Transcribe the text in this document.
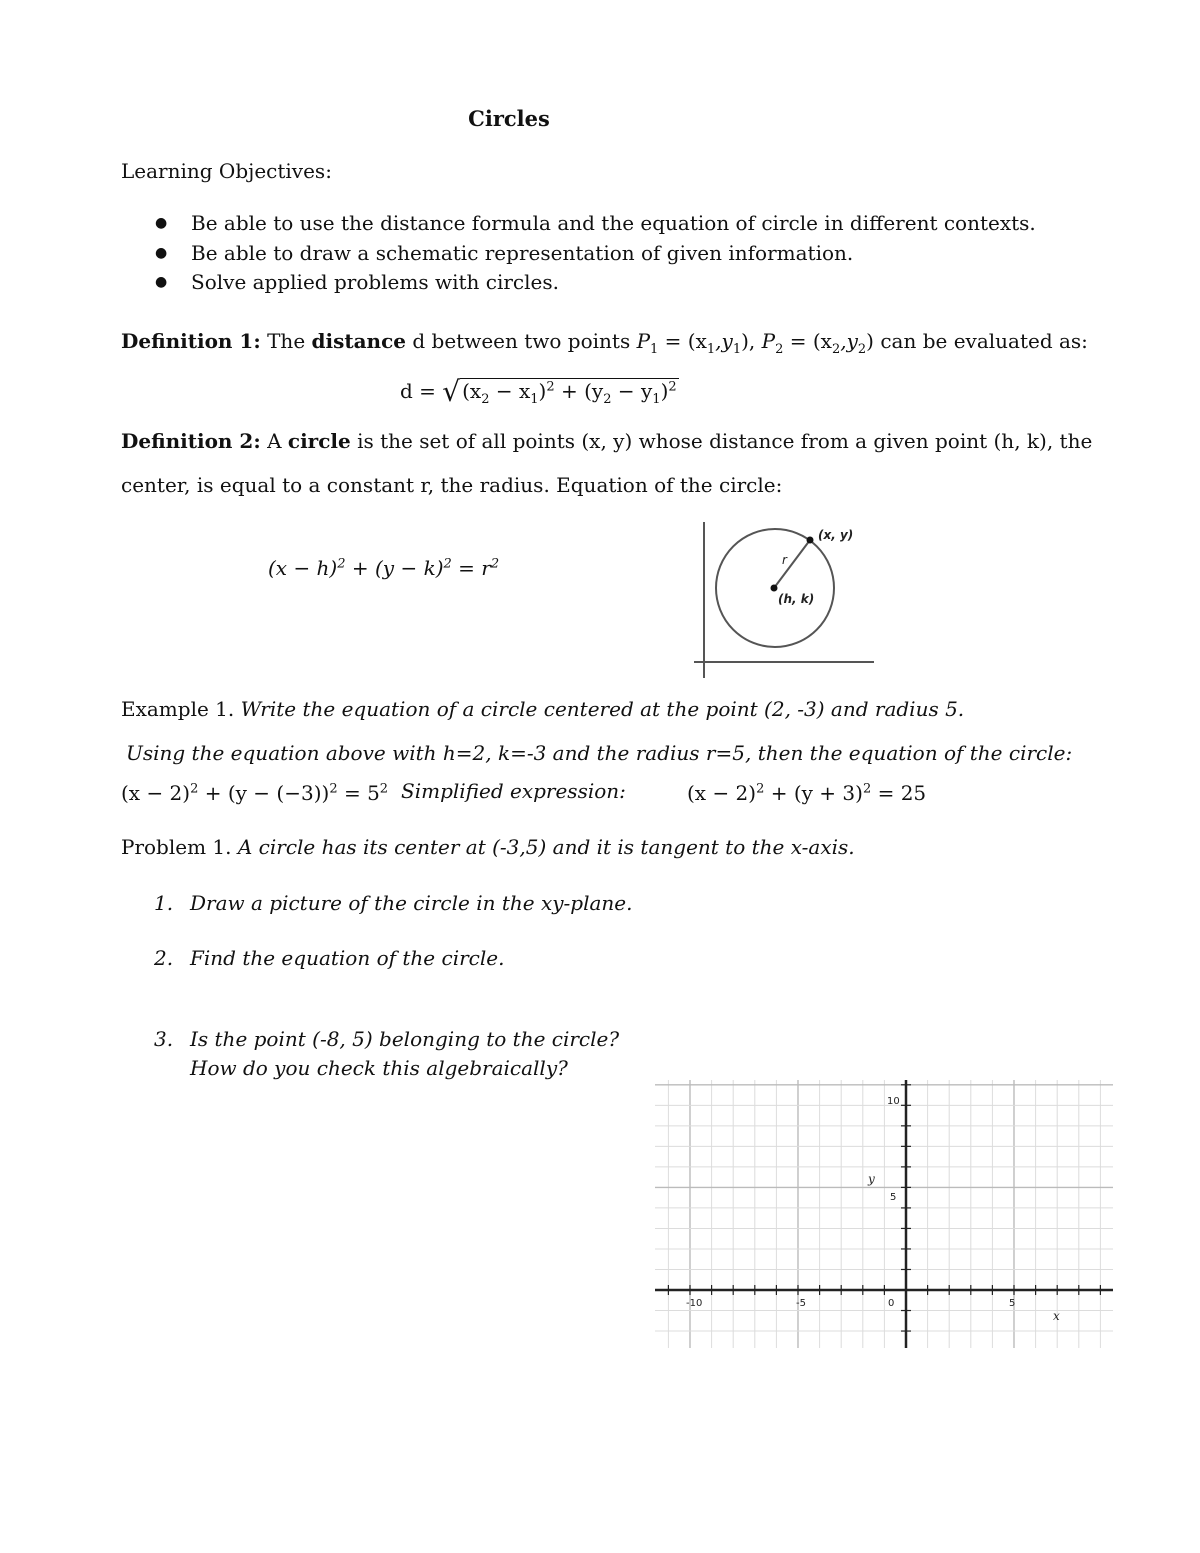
Circles
Learning Objectives:
● Be able to use the distance formula and the equation of circle in different contexts.
● Be able to draw a schematic representation of given information.
● Solve applied problems with circles.
Definition 1: The distance d between two points $P_1 = (x_1,y_1)$, $P_2 = (x_2,y_2)$ can be evaluated as:
d = √ $(x_2 - x_1)^2 + (y_2 - y_1)^2$
Definition 2: A circle is the set of all points (x, y) whose distance from a given point (h, k), the
center, is equal to a constant r, the radius. Equation of the circle:
$(x - h)^2 + (y - k)^2 = r^2$
(x, y)
(h, k)
r
Example 1. Write the equation of a circle centered at the point (2, -3) and radius 5.
Using the equation above with h=2, k=-3 and the radius r=5, then the equation of the circle:
$(x - 2)^2 + (y - (-3))^2 = 5^2$ Simplified expression:	$(x - 2)^2 + (y + 3)^2 = 25$
Problem 1. A circle has its center at (-3,5) and it is tangent to the x-axis.
1. Draw a picture of the circle in the xy-plane.
2. Find the equation of the circle.
3. Is the point (-8, 5) belonging to the circle?
How do you check this algebraically?
-10	-5	0	5
10
5
x
y
